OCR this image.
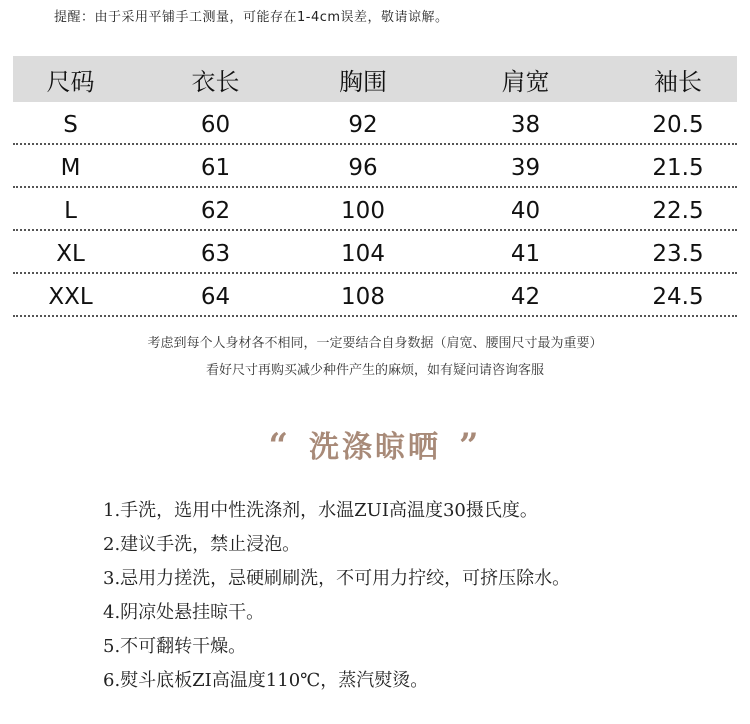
提醒：由于采用平铺手工测量，可能存在1-4cm误差，敬请谅解。
尺码	衣长	胸围	肩宽	袖长
S	60	92	38	20.5
M	61	96	39	21.5
L	62	100	40	22.5
XL	63	104	41	23.5
XXL	64	108	42	24.5
考虑到每个人身材各不相同，一定要结合自身数据（肩宽、腰围尺寸最为重要）
看好尺寸再购买减少种件产生的麻烦，如有疑问请咨询客服
“ 洗涤晾晒 ”
1.手洗，选用中性洗涤剂，水温ZUI高温度30摄氏度。
2.建议手洗，禁止浸泡。
3.忌用力搓洗，忌硬刷刷洗，不可用力拧绞，可挤压除水。
4.阴凉处悬挂晾干。
5.不可翻转干燥。
6.熨斗底板ZI高温度110℃，蒸汽熨烫。
